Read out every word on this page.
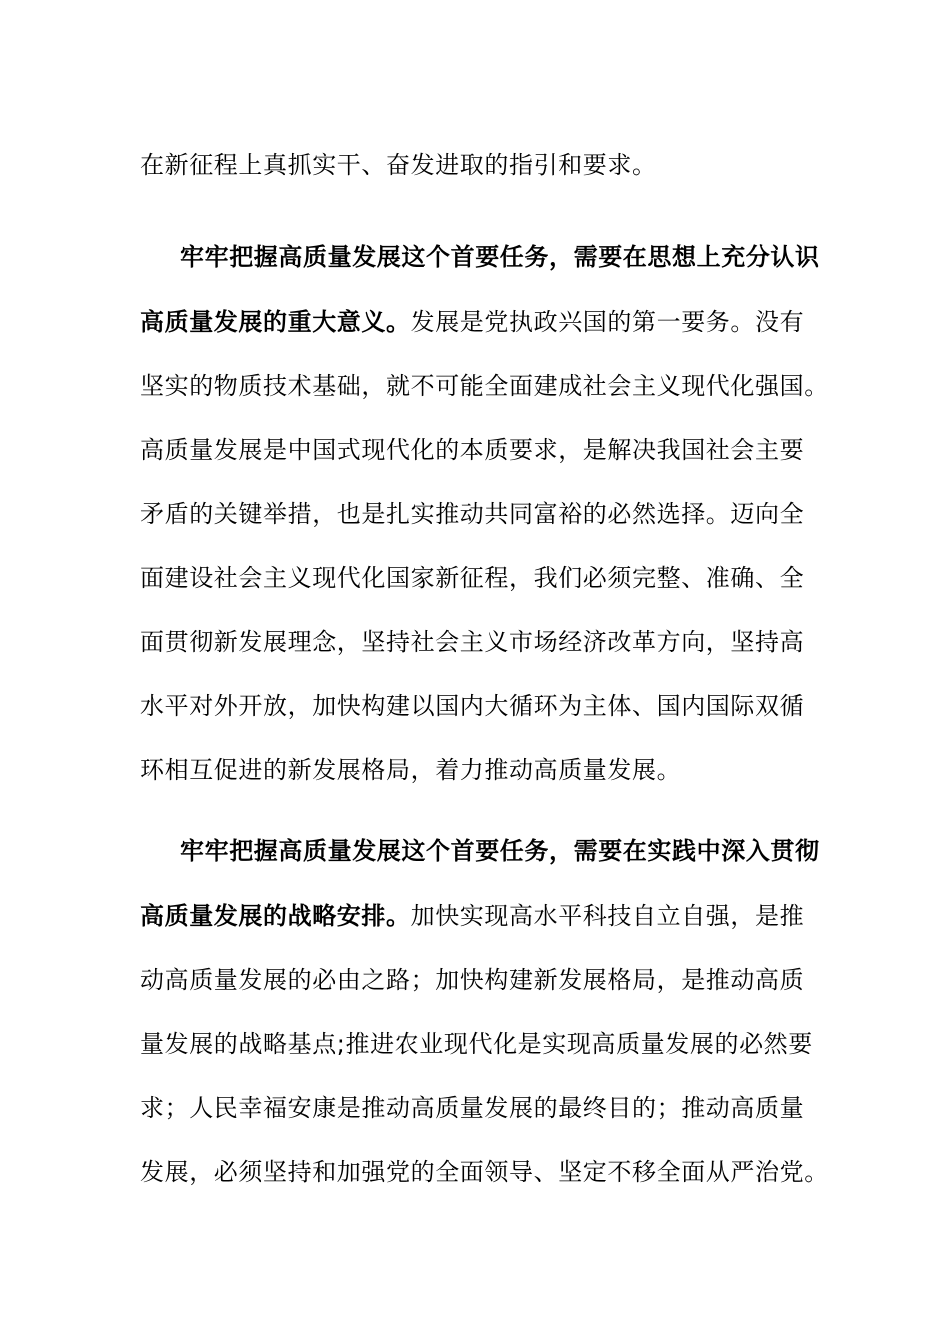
在新征程上真抓实干、奋发进取的指引和要求。
牢牢把握高质量发展这个首要任务，需要在思想上充分认识
高质量发展的重大意义。发展是党执政兴国的第一要务。没有
坚实的物质技术基础，就不可能全面建成社会主义现代化强国。
高质量发展是中国式现代化的本质要求，是解决我国社会主要
矛盾的关键举措，也是扎实推动共同富裕的必然选择。迈向全
面建设社会主义现代化国家新征程，我们必须完整、准确、全
面贯彻新发展理念，坚持社会主义市场经济改革方向，坚持高
水平对外开放，加快构建以国内大循环为主体、国内国际双循
环相互促进的新发展格局，着力推动高质量发展。
牢牢把握高质量发展这个首要任务，需要在实践中深入贯彻
高质量发展的战略安排。加快实现高水平科技自立自强，是推
动高质量发展的必由之路；加快构建新发展格局，是推动高质
量发展的战略基点;推进农业现代化是实现高质量发展的必然要
求；人民幸福安康是推动高质量发展的最终目的；推动高质量
发展，必须坚持和加强党的全面领导、坚定不移全面从严治党。
